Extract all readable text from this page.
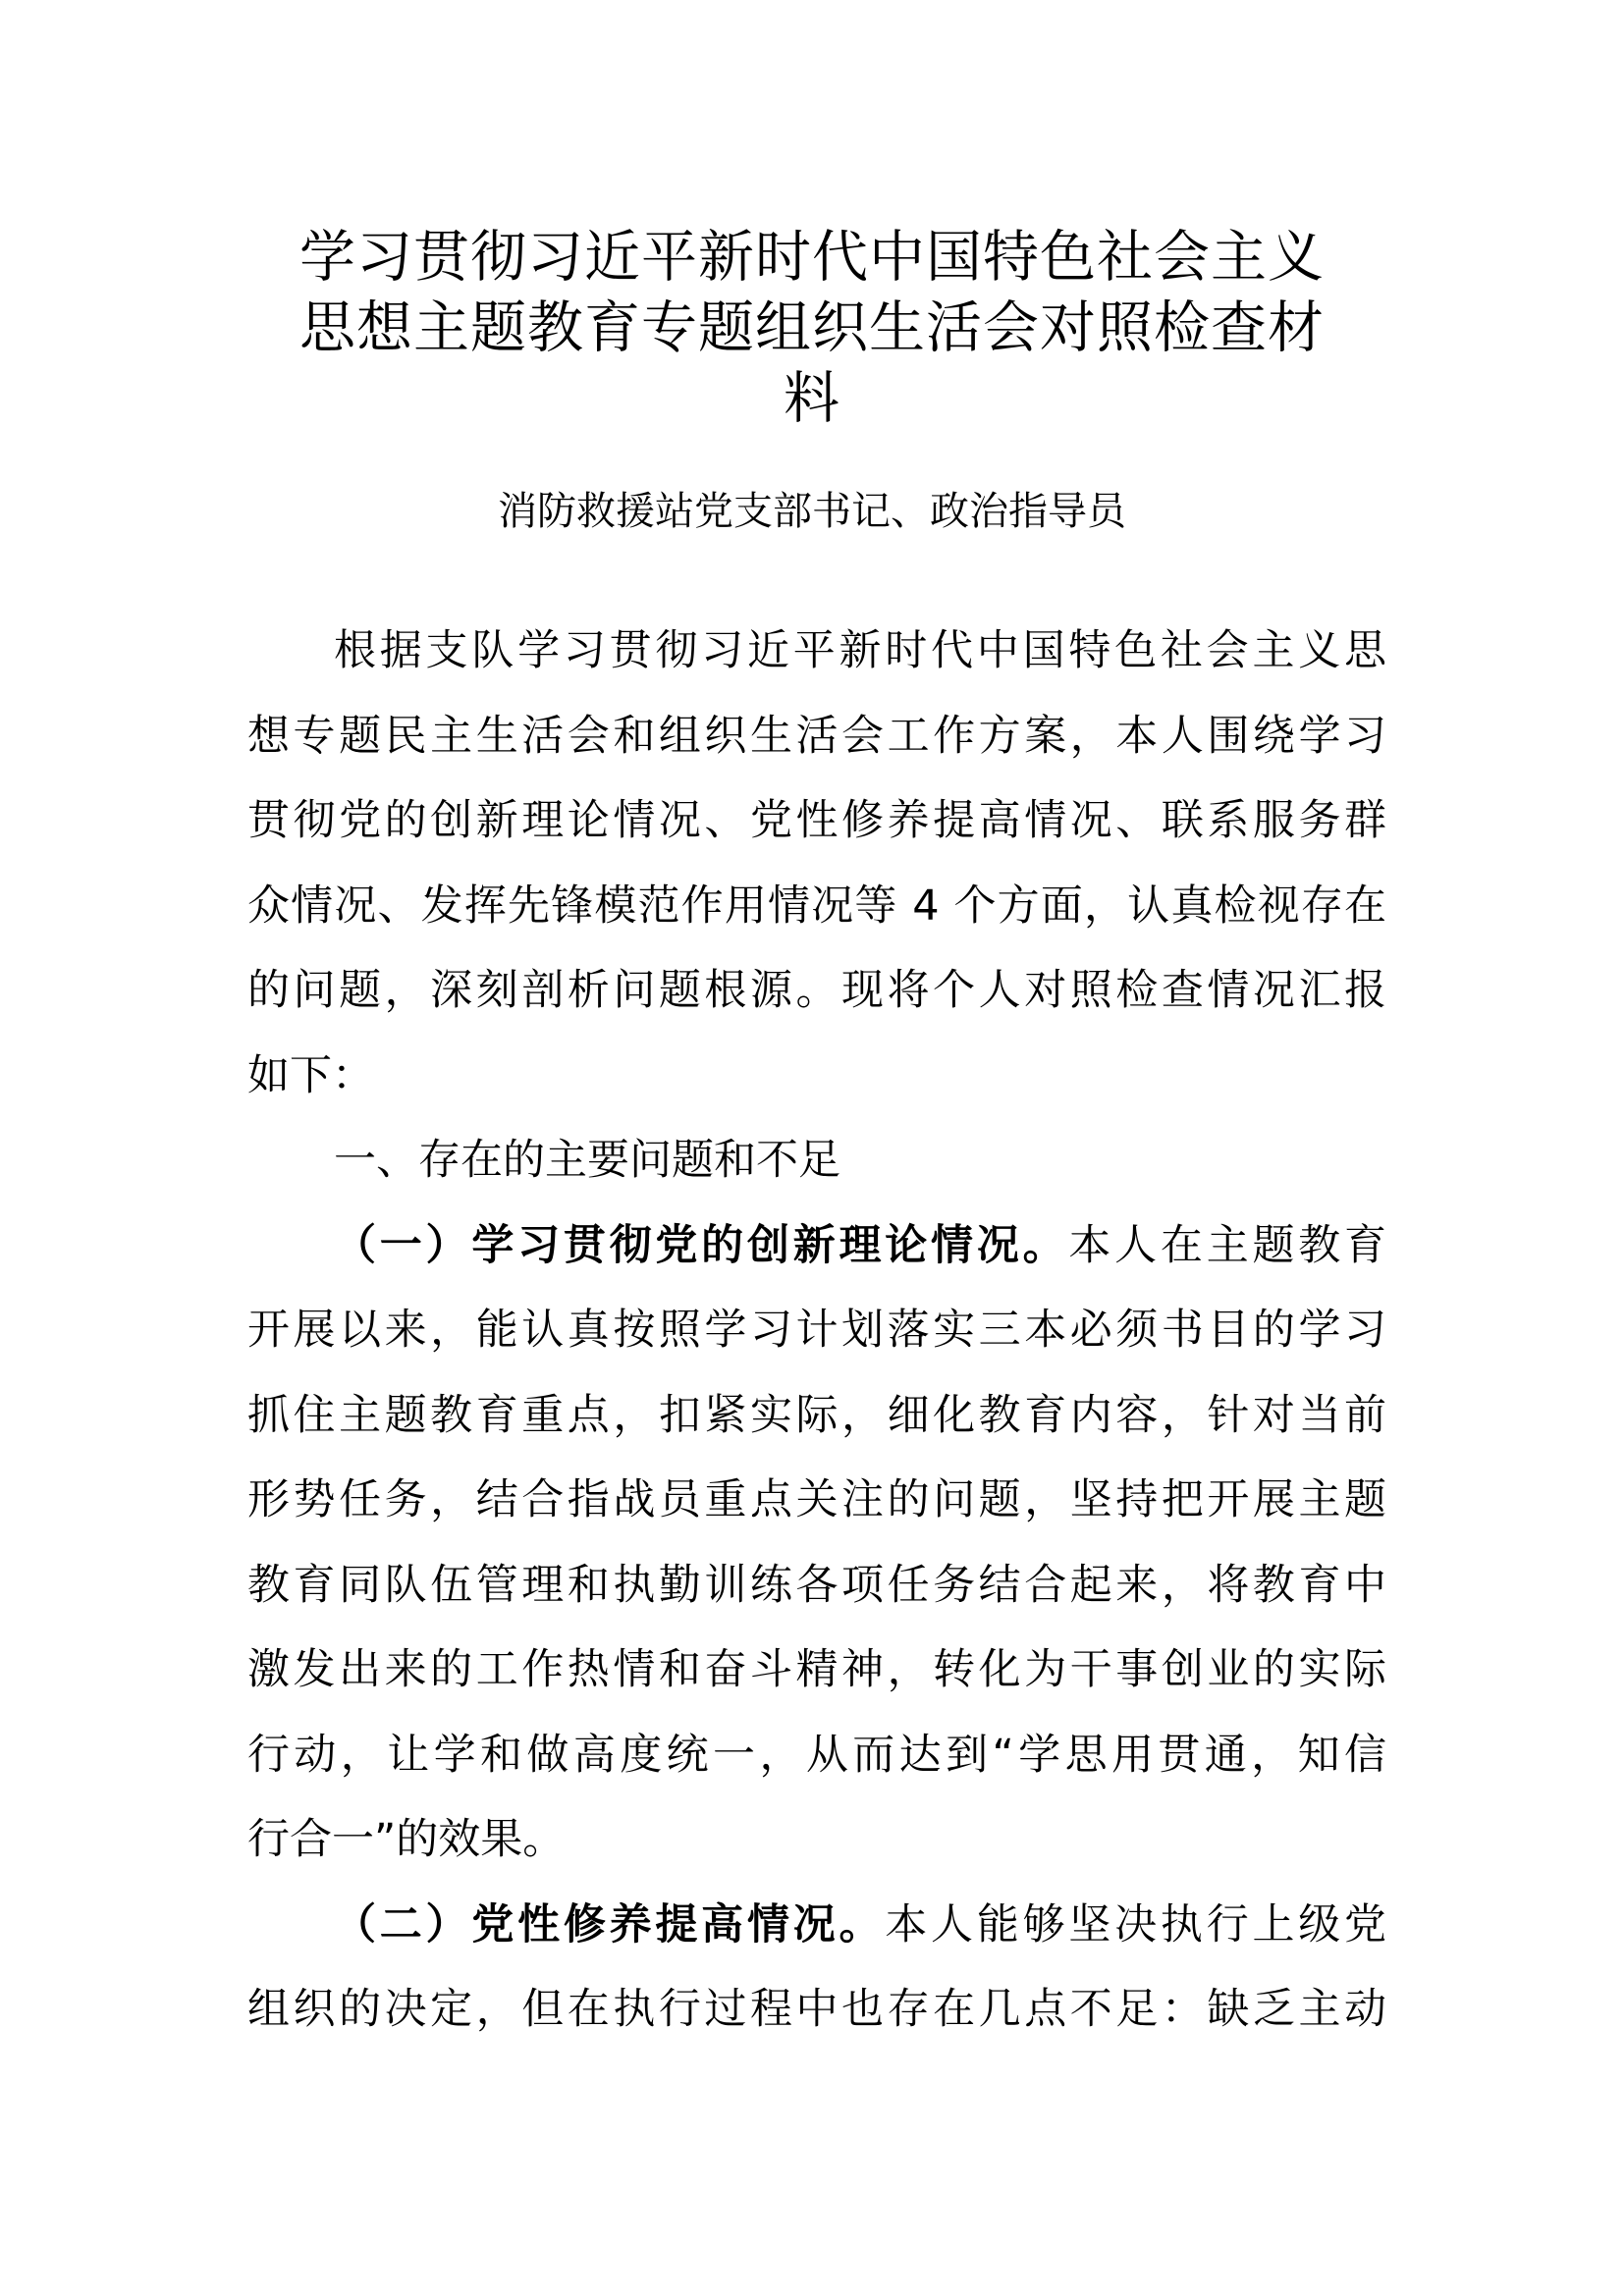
学习贯彻习近平新时代中国特色社会主义
思想主题教育专题组织生活会对照检查材
料

消防救援站党支部书记、政治指导员

根据支队学习贯彻习近平新时代中国特色社会主义思
想专题民主生活会和组织生活会工作方案，本人围绕学习
贯彻党的创新理论情况、党性修养提高情况、联系服务群
众情况、发挥先锋模范作用情况等 4 个方面，认真检视存在
的问题，深刻剖析问题根源。现将个人对照检查情况汇报
如下：
一、存在的主要问题和不足
（一）学习贯彻党的创新理论情况。本人在主题教育
开展以来，能认真按照学习计划落实三本必须书目的学习
抓住主题教育重点，扣紧实际，细化教育内容，针对当前
形势任务，结合指战员重点关注的问题，坚持把开展主题
教育同队伍管理和执勤训练各项任务结合起来，将教育中
激发出来的工作热情和奋斗精神，转化为干事创业的实际
行动，让学和做高度统一，从而达到“学思用贯通，知信
行合一”的效果。
（二）党性修养提高情况。本人能够坚决执行上级党
组织的决定，但在执行过程中也存在几点不足：缺乏主动
